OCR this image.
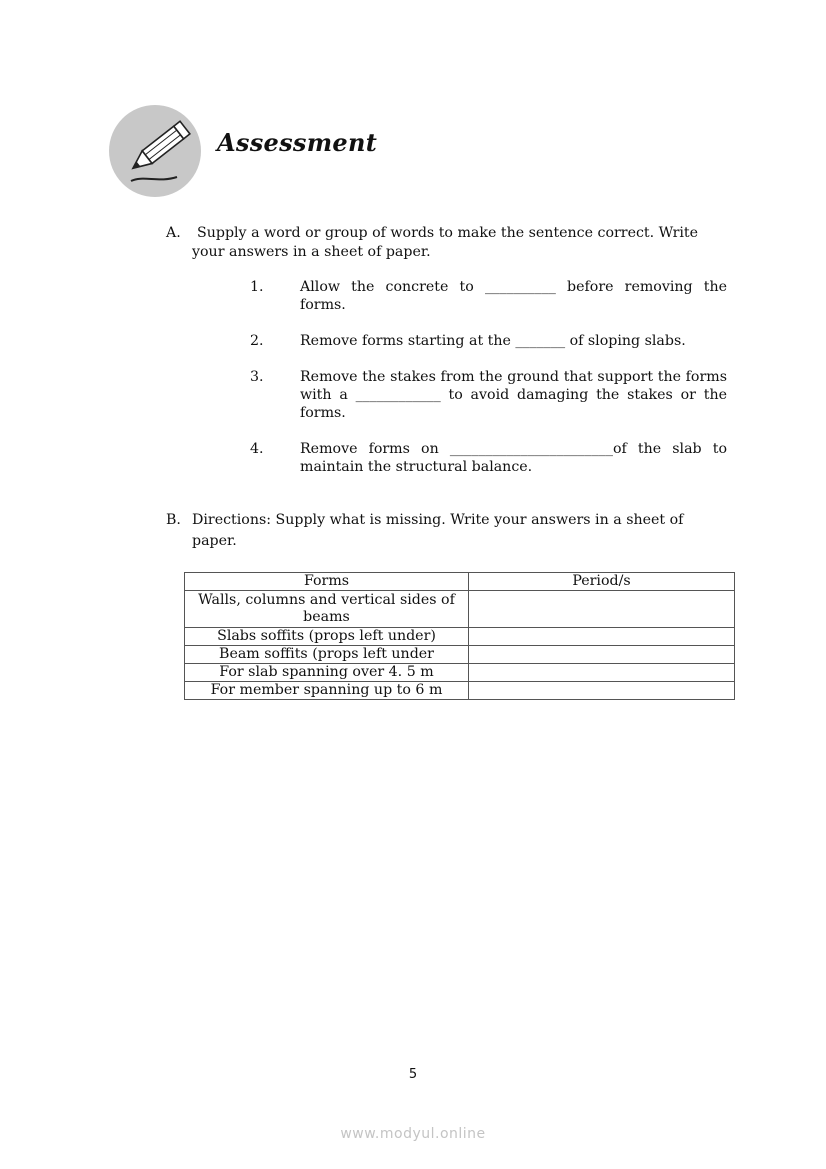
Assessment
A. Supply a word or group of words to make the sentence correct. Write
your answers in a sheet of paper.
1.	Allow the concrete to __________ before removing the forms.
2.	Remove forms starting at the _______ of sloping slabs.
3.	Remove the stakes from the ground that support the forms with a ____________ to avoid damaging the stakes or the forms.
4.	Remove forms on _______________________of the slab to maintain the structural balance.
B. Directions: Supply what is missing. Write your answers in a sheet of
paper.
Forms	Period/s
Walls, columns and vertical sides of beams	
Slabs soffits (props left under)	
Beam soffits (props left under	
For slab spanning over 4. 5 m	
For member spanning up to 6 m	
5
www.modyul.online
